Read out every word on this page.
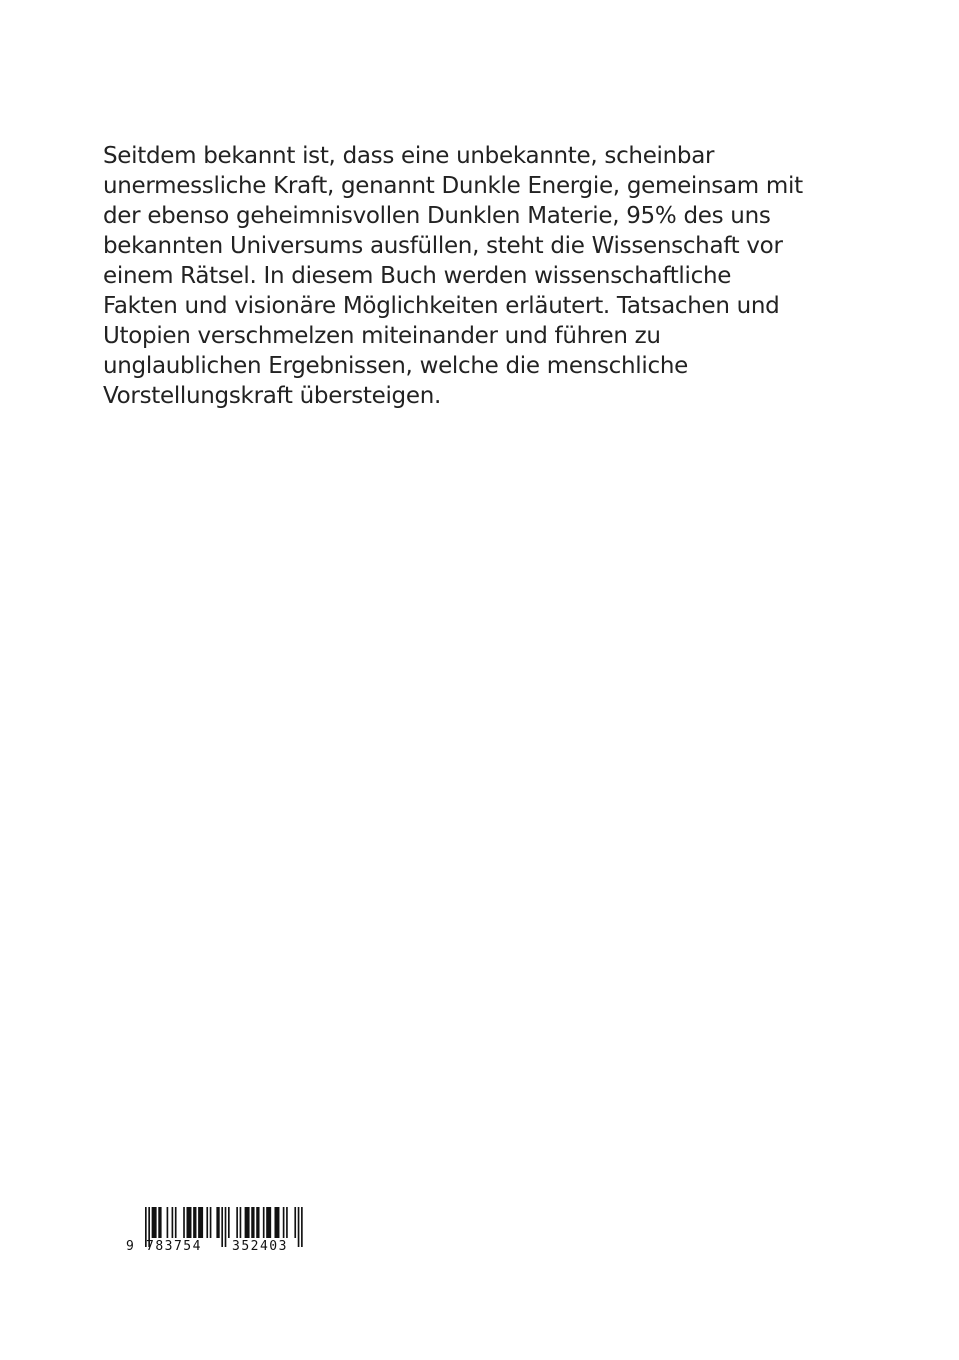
Seitdem bekannt ist, dass eine unbekannte, scheinbar
unermessliche Kraft, genannt Dunkle Energie, gemeinsam mit
der ebenso geheimnisvollen Dunklen Materie, 95% des uns
bekannten Universums ausfüllen, steht die Wissenschaft vor
einem Rätsel. In diesem Buch werden wissenschaftliche
Fakten und visionäre Möglichkeiten erläutert. Tatsachen und
Utopien verschmelzen miteinander und führen zu
unglaublichen Ergebnissen, welche die menschliche
Vorstellungskraft übersteigen.

9 783754 352403
